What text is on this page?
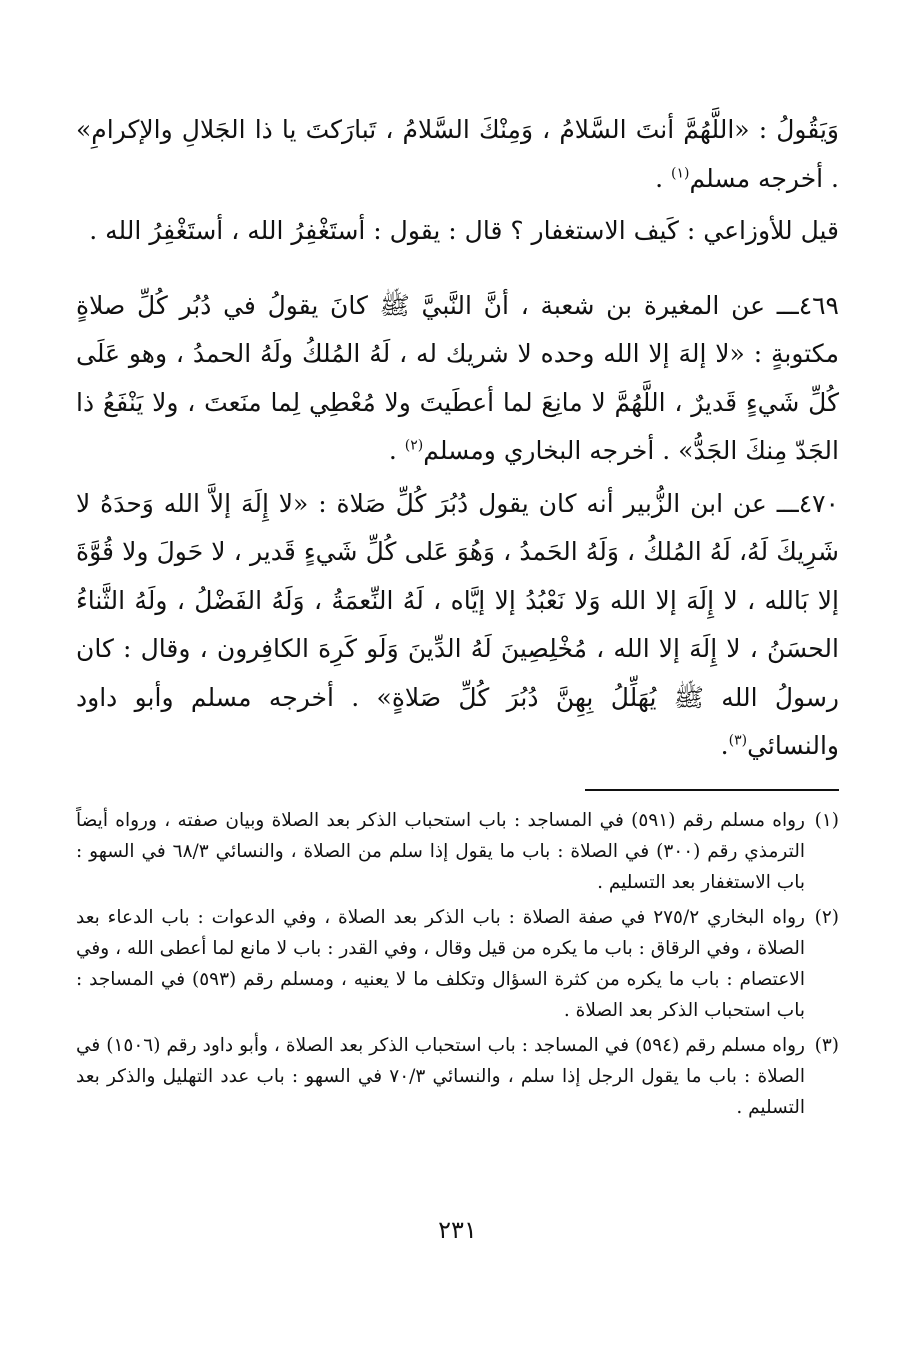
وَيَقُولُ : «اللَّهُمَّ أنتَ السَّلامُ ، وَمِنْكَ السَّلامُ ، تَبارَكتَ يا ذا الجَلالِ والإكرامِ» . أخرجه مسلم$^{(١)}$ .

قيل للأوزاعي : كَيف الاستغفار ؟ قال : يقول : أستَغْفِرُ الله ، أستَغْفِرُ الله .

٤٦٩ـــ عن المغيرة بن شعبة ، أنَّ النَّبيَّ ﷺ كانَ يقولُ في دُبُر كُلِّ صلاةٍ مكتوبةٍ : «لا إلهَ إلا الله وحده لا شريك له ، لَهُ المُلكُ ولَهُ الحمدُ ، وهو عَلَى كُلِّ شَيءٍ قَديرٌ ، اللَّهُمَّ لا مانِعَ لما أعطَيتَ ولا مُعْطِي لِما منَعتَ ، ولا يَنْفَعُ ذا الجَدّ مِنكَ الجَدُّ» . أخرجه البخاري ومسلم$^{(٢)}$ .

٤٧٠ـــ عن ابن الزُّبير أنه كان يقول دُبُرَ كُلِّ صَلاة : «لا إِلَهَ إلاَّ الله وَحدَهُ لا شَرِيكَ لَهُ، لَهُ المُلكُ ، وَلَهُ الحَمدُ ، وَهُوَ عَلى كُلِّ شَيءٍ قَدير ، لا حَولَ ولا قُوَّةَ إلا بَالله ، لا إِلَهَ إلا الله وَلا نَعْبُدُ إلا إيَّاه ، لَهُ النِّعمَةُ ، وَلَهُ الفَضْلُ ، ولَهُ الثَّناءُ الحسَنُ ، لا إِلَهَ إلا الله ، مُخْلِصِينَ لَهُ الدِّينَ وَلَو كَرِهَ الكافِرون ، وقال : كان رسولُ الله ﷺ يُهَلِّلُ بِهِنَّ دُبُرَ كُلِّ صَلاةٍ» . أخرجه مسلم وأبو داود والنسائي$^{(٣)}$.

(١)
رواه مسلم رقم (٥٩١) في المساجد : باب استحباب الذكر بعد الصلاة وبيان صفته ، ورواه أيضاً الترمذي رقم (٣٠٠) في الصلاة : باب ما يقول إذا سلم من الصلاة ، والنسائي ٦٨/٣ في السهو : باب الاستغفار بعد التسليم .

(٢)
رواه البخاري ٢٧٥/٢ في صفة الصلاة : باب الذكر بعد الصلاة ، وفي الدعوات : باب الدعاء بعد الصلاة ، وفي الرقاق : باب ما يكره من قيل وقال ، وفي القدر : باب لا مانع لما أعطى الله ، وفي الاعتصام : باب ما يكره من كثرة السؤال وتكلف ما لا يعنيه ، ومسلم رقم (٥٩٣) في المساجد : باب استحباب الذكر بعد الصلاة .

(٣)
رواه مسلم رقم (٥٩٤) في المساجد : باب استحباب الذكر بعد الصلاة ، وأبو داود رقم (١٥٠٦) في الصلاة : باب ما يقول الرجل إذا سلم ، والنسائي ٧٠/٣ في السهو : باب عدد التهليل والذكر بعد التسليم .

٢٣١
